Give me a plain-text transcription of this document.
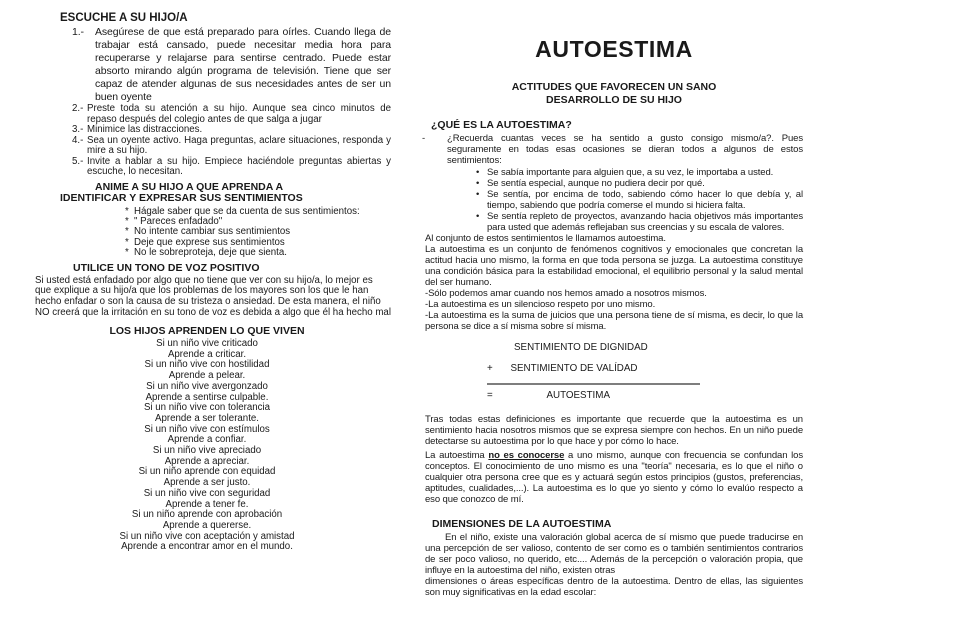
ESCUCHE A SU HIJO/A
1.- Asegúrese de que está preparado para oírles. Cuando llega de trabajar está cansado, puede necesitar media hora para recuperarse y relajarse para sentirse centrado. Puede estar absorto mirando algún programa de televisión. Tiene que ser capaz de atender algunas de sus necesidades antes de ser un buen oyente
2.- Preste toda su atención a su hijo. Aunque sea cinco minutos de repaso después del colegio antes de que salga a jugar
3.- Minimice las distracciones.
4.- Sea un oyente activo. Haga preguntas, aclare situaciones, responda y mire a su hijo.
5.- Invite a hablar a su hijo. Empiece haciéndole preguntas abiertas y escuche, lo necesitan.
ANIME A SU HIJO A QUE APRENDA A
IDENTIFICAR Y EXPRESAR SUS SENTIMIENTOS
* Hágale saber que se da cuenta de sus sentimientos:
* " Pareces enfadado"
* No intente cambiar sus sentimientos
* Deje que exprese sus sentimientos
* No le sobreproteja, deje que sienta.
UTILICE UN TONO DE VOZ POSITIVO

Si usted está enfadado por algo que no tiene que ver con su hijo/a, lo mejor es que explique a su hijo/a que los problemas de los mayores son los que le han hecho enfadar o son la causa de su tristeza o ansiedad. De esta manera, el niño NO creerá que la irritación en su tono de voz es debida a algo que él ha hecho mal

LOS HIJOS APRENDEN LO QUE VIVEN
Si un niño vive criticado
Aprende a criticar.
Si un niño vive con hostilidad
Aprende a pelear.
Si un niño vive avergonzado
Aprende a sentirse culpable.
Si un niño vive con tolerancia
Aprende a ser tolerante.
Si un niño vive con estímulos
Aprende a confiar.
Si un niño vive apreciado
Aprende a apreciar.
Si un niño aprende con equidad
Aprende a ser justo.
Si un niño vive con seguridad
Aprende a tener fe.
Si un niño aprende con aprobación
Aprende a quererse.
Si un niño vive con aceptación y amistad
Aprende a encontrar amor en el mundo.
AUTOESTIMA
ACTITUDES QUE FAVORECEN UN SANO
DESARROLLO DE SU HIJO
¿QUÉ ES LA AUTOESTIMA?
- ¿Recuerda cuantas veces se ha sentido a gusto consigo mismo/a?. Pues seguramente en todas esas ocasiones se dieran todos a algunos de estos sentimientos:
• Se sabía importante para alguien que, a su vez, le importaba a usted.
• Se sentía especial, aunque no pudiera decir por qué.
• Se sentía, por encima de todo, sabiendo cómo hacer lo que debía y, al tiempo, sabiendo que podría comerse el mundo si hiciera falta.
• Se sentía repleto de proyectos, avanzando hacia objetivos más importantes para usted que además reflejaban sus creencias y su escala de valores.

Al conjunto de estos sentimientos le llamamos autoestima.

La autoestima es un conjunto de fenómenos cognitivos y emocionales que concretan la actitud hacia uno mismo, la forma en que toda persona se juzga. La autoestima constituye una condición básica para la estabilidad emocional, el equilibrio personal y la salud mental del ser humano.

-Sólo podemos amar cuando nos hemos amado a nosotros mismos.

-La autoestima es un silencioso respeto por uno mismo.

-La autoestima es la suma de juicios que una persona tiene de sí misma, es decir, lo que la persona se dice a sí misma sobre sí misma.

SENTIMIENTO DE DIGNIDAD
+ SENTIMIENTO DE VALÍDAD
=	AUTOESTIMA

Tras todas estas definiciones es importante que recuerde que la autoestima es un sentimiento hacia nosotros mismos que se expresa siempre con hechos. En un niño puede detectarse su autoestima por lo que hace y por cómo lo hace.

La autoestima no es conocerse a uno mismo, aunque con frecuencia se confundan los conceptos. El conocimiento de uno mismo es una "teoría" necesaria, es lo que el niño o cualquier otra persona cree que es y actuará según estos principios (gustos, preferencias, aptitudes, cualidades,...). La autoestima es lo que yo siento y cómo lo evalúo respecto a eso que conozco de mí.

DIMENSIONES DE LA AUTOESTIMA

En el niño, existe una valoración global acerca de sí mismo que puede traducirse en una percepción de ser valioso, contento de ser como es o también sentimientos contrarios de ser poco valioso, no querido, etc.... Además de la percepción o valoración propia, que influye en la autoestima del niño, existen otras

dimensiones o áreas específicas dentro de la autoestima. Dentro de ellas, las siguientes son muy significativas en la edad escolar:
